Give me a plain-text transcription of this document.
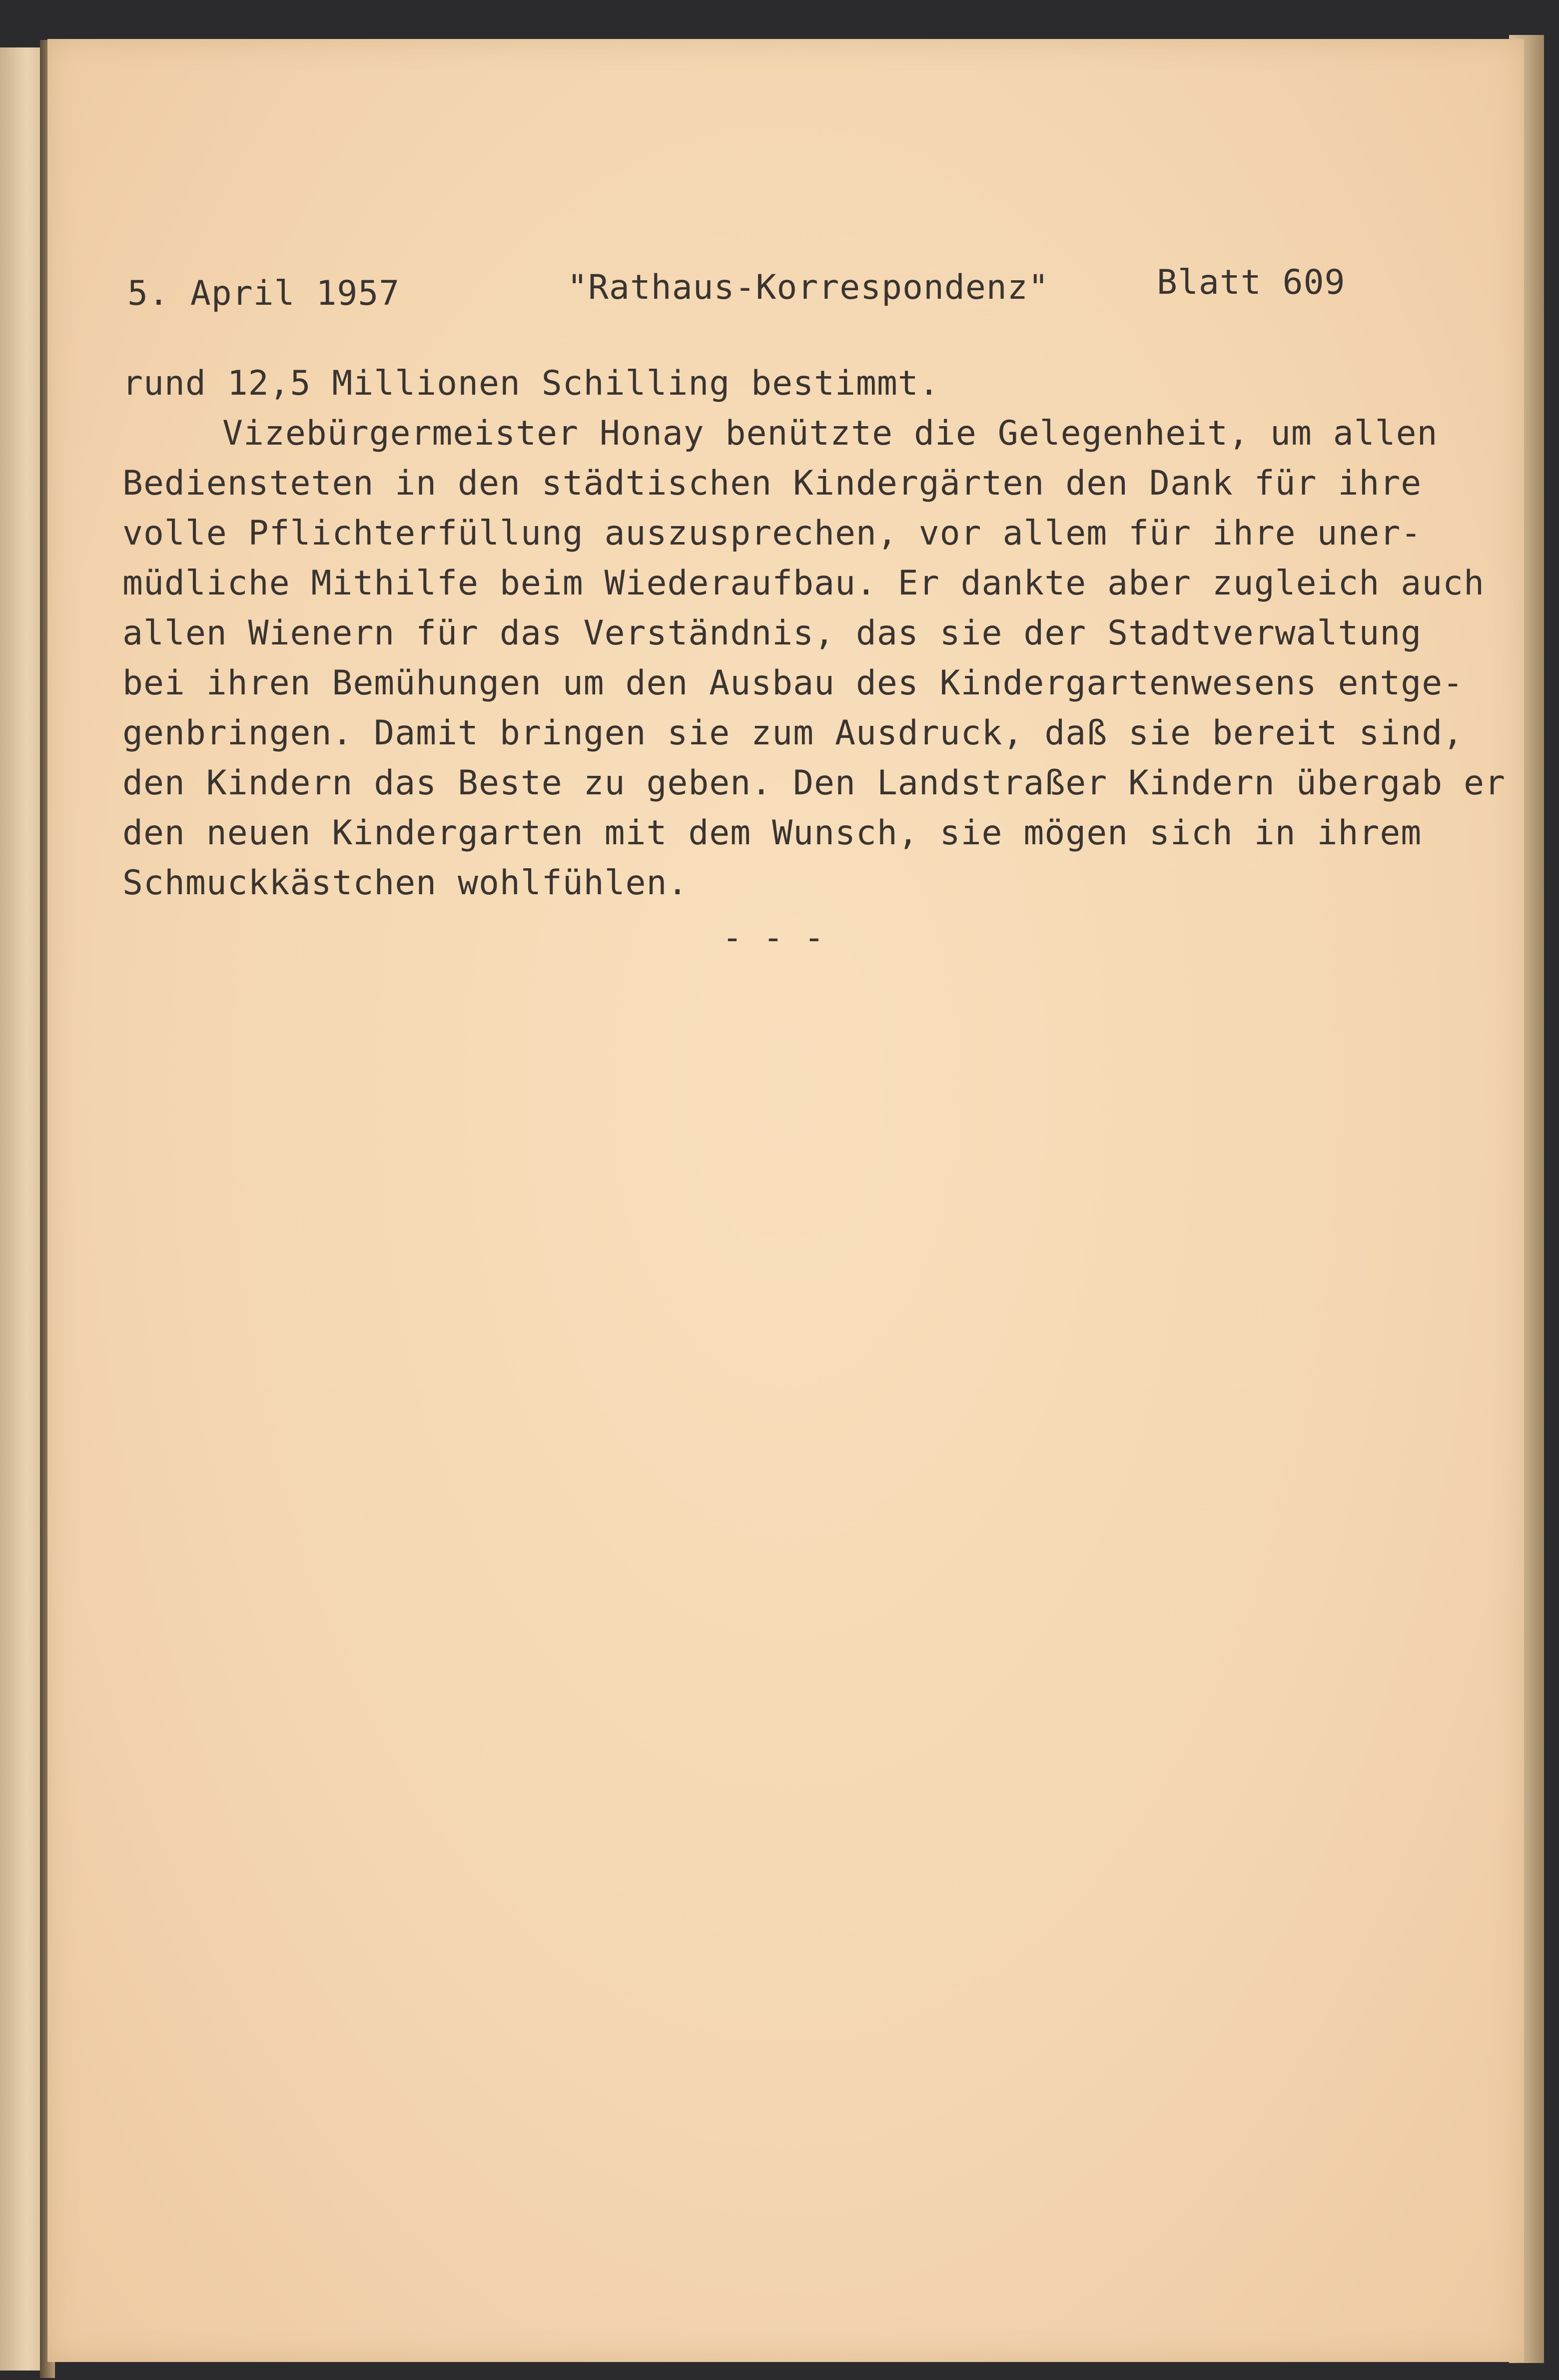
5. April 1957	"Rathaus-Korrespondenz"	Blatt 609
rund 12,5 Millionen Schilling bestimmt.
Vizebürgermeister Honay benützte die Gelegenheit, um allen
Bediensteten in den städtischen Kindergärten den Dank für ihre
volle Pflichterfüllung auszusprechen, vor allem für ihre uner-
müdliche Mithilfe beim Wiederaufbau. Er dankte aber zugleich auch
allen Wienern für das Verständnis, das sie der Stadtverwaltung
bei ihren Bemühungen um den Ausbau des Kindergartenwesens entge-
genbringen. Damit bringen sie zum Ausdruck, daß sie bereit sind,
den Kindern das Beste zu geben. Den Landstraßer Kindern übergab er
den neuen Kindergarten mit dem Wunsch, sie mögen sich in ihrem
Schmuckkästchen wohlfühlen.
- - -
